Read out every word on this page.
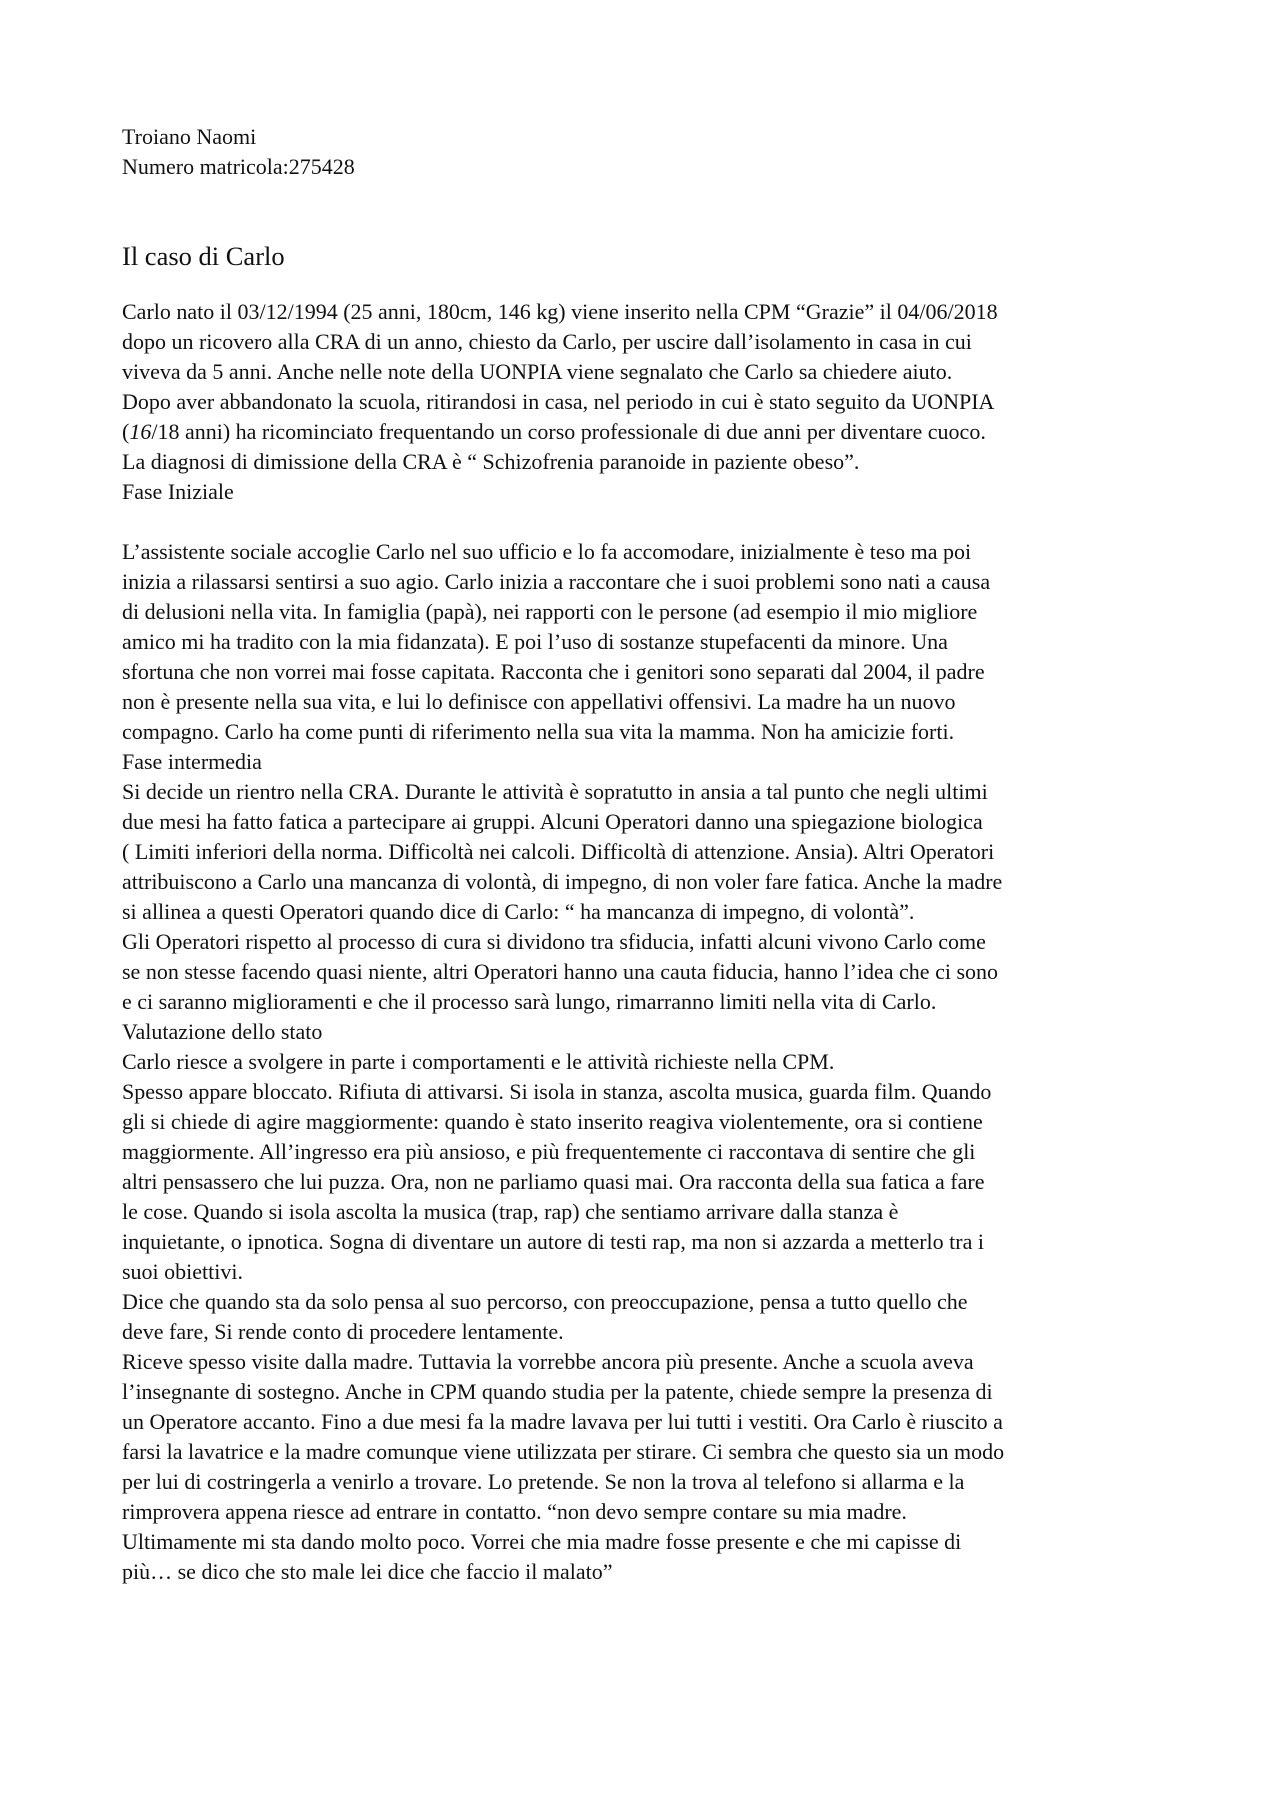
Troiano Naomi
Numero matricola:275428
Il caso di Carlo

Carlo nato il 03/12/1994 (25 anni, 180cm, 146 kg) viene inserito nella CPM “Grazie” il 04/06/2018
dopo un ricovero alla CRA di un anno, chiesto da Carlo, per uscire dall’isolamento in casa in cui
viveva da 5 anni. Anche nelle note della UONPIA viene segnalato che Carlo sa chiedere aiuto.
Dopo aver abbandonato la scuola, ritirandosi in casa, nel periodo in cui è stato seguito da UONPIA
(16/18 anni) ha ricominciato frequentando un corso professionale di due anni per diventare cuoco.
La diagnosi di dimissione della CRA è “ Schizofrenia paranoide in paziente obeso”.

Fase Iniziale

L’assistente sociale accoglie Carlo nel suo ufficio e lo fa accomodare, inizialmente è teso ma poi
inizia a rilassarsi sentirsi a suo agio. Carlo inizia a raccontare che i suoi problemi sono nati a causa
di delusioni nella vita. In famiglia (papà), nei rapporti con le persone (ad esempio il mio migliore
amico mi ha tradito con la mia fidanzata). E poi l’uso di sostanze stupefacenti da minore. Una
sfortuna che non vorrei mai fosse capitata. Racconta che i genitori sono separati dal 2004, il padre
non è presente nella sua vita, e lui lo definisce con appellativi offensivi. La madre ha un nuovo
compagno. Carlo ha come punti di riferimento nella sua vita la mamma. Non ha amicizie forti.

Fase intermedia

Si decide un rientro nella CRA. Durante le attività è sopratutto in ansia a tal punto che negli ultimi
due mesi ha fatto fatica a partecipare ai gruppi. Alcuni Operatori danno una spiegazione biologica
( Limiti inferiori della norma. Difficoltà nei calcoli. Difficoltà di attenzione. Ansia). Altri Operatori
attribuiscono a Carlo una mancanza di volontà, di impegno, di non voler fare fatica. Anche la madre
si allinea a questi Operatori quando dice di Carlo: “ ha mancanza di impegno, di volontà”.
Gli Operatori rispetto al processo di cura si dividono tra sfiducia, infatti alcuni vivono Carlo come
se non stesse facendo quasi niente, altri Operatori hanno una cauta fiducia, hanno l’idea che ci sono
e ci saranno miglioramenti e che il processo sarà lungo, rimarranno limiti nella vita di Carlo.

Valutazione dello stato

Carlo riesce a svolgere in parte i comportamenti e le attività richieste nella CPM.
Spesso appare bloccato. Rifiuta di attivarsi. Si isola in stanza, ascolta musica, guarda film. Quando
gli si chiede di agire maggiormente: quando è stato inserito reagiva violentemente, ora si contiene
maggiormente. All’ingresso era più ansioso, e più frequentemente ci raccontava di sentire che gli
altri pensassero che lui puzza. Ora, non ne parliamo quasi mai. Ora racconta della sua fatica a fare
le cose. Quando si isola ascolta la musica (trap, rap) che sentiamo arrivare dalla stanza è
inquietante, o ipnotica. Sogna di diventare un autore di testi rap, ma non si azzarda a metterlo tra i
suoi obiettivi.
Dice che quando sta da solo pensa al suo percorso, con preoccupazione, pensa a tutto quello che
deve fare, Si rende conto di procedere lentamente.
Riceve spesso visite dalla madre. Tuttavia la vorrebbe ancora più presente. Anche a scuola aveva
l’insegnante di sostegno. Anche in CPM quando studia per la patente, chiede sempre la presenza di
un Operatore accanto. Fino a due mesi fa la madre lavava per lui tutti i vestiti. Ora Carlo è riuscito a
farsi la lavatrice e la madre comunque viene utilizzata per stirare. Ci sembra che questo sia un modo
per lui di costringerla a venirlo a trovare. Lo pretende. Se non la trova al telefono si allarma e la
rimprovera appena riesce ad entrare in contatto. “non devo sempre contare su mia madre.
Ultimamente mi sta dando molto poco. Vorrei che mia madre fosse presente e che mi capisse di
più… se dico che sto male lei dice che faccio il malato”
